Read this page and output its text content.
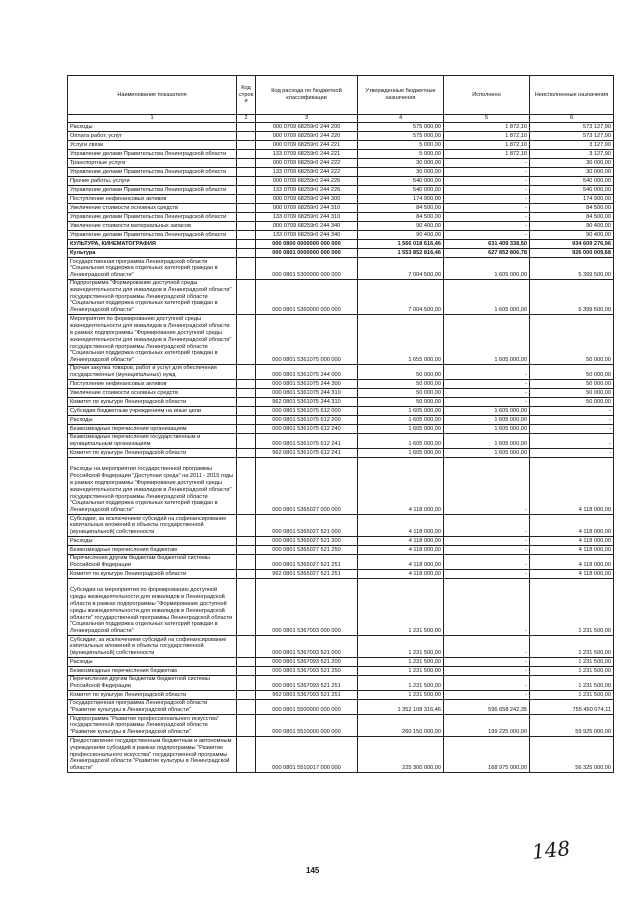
Наименование показателя	Код строк и	Код расхода по бюджетной классификации	Утвержденные бюджетные назначения	Исполнено	Неисполненные назначения
1	2	3	4	5	6
Расходы		000 0709 68259г0 244 200	575 000,00	1 872,10	573 127,90
Оплата работ, услуг		000 0709 68259г0 244 220	575 000,00	1 872,10	573 127,90
Услуги связи		000 0709 68259г0 244 221	5 000,00	1 872,10	3 127,90
Управление делами Правительства Ленинградской области		133 0709 68259г0 244 221	5 000,00	1 872,10	3 127,90
Транспортные услуги		000 0709 68259г0 244 222	30 000,00	-	30 000,00
Управление делами Правительства Ленинградской области		133 0709 68259г0 244 222	30 000,00	-	30 000,00
Прочие работы, услуги		000 0709 68259г0 244 226	540 000,00	-	540 000,00
Управление делами Правительства Ленинградской области		133 0709 68259г0 244 226	540 000,00	-	540 000,00
Поступление нефинансовых активов		000 0709 68259г0 244 300	174 900,00	-	174 900,00
Увеличение стоимости основных средств		000 0709 68259г0 244 310	84 500,00	-	84 500,00
Управление делами Правительства Ленинградской области		133 0709 68259г0 244 310	84 500,00	-	84 500,00
Увеличение стоимости материальных запасов		000 0709 68259г0 244 340	90 400,00	-	90 400,00
Управление делами Правительства Ленинградской области		133 0709 68259г0 244 340	90 400,00	-	90 400,00
КУЛЬТУРА, КИНЕМАТОГРАФИЯ		000 0800 0000000 000 000	1 566 018 616,46	631 409 338,50	934 609 276,96
Культура		000 0801 0000000 000 000	1 553 852 816,46	627 852 806,78	926 000 009,68
Государственная программа Ленинградской области "Социальная поддержка отдельных категорий граждан в Ленинградской области"		000 0801 5300000 000 000	7 004 500,00	1 605 000,00	5 399 500,00
Подпрограмма "Формирование доступной среды жизнедеятельности для инвалидов в Ленинградской области" государственной программы Ленинградской области "Социальная поддержка отдельных категорий граждан в Ленинградской области"		000 0801 5360000 000 000	7 004 500,00	1 605 000,00	5 399 500,00
Мероприятия по формированию доступной среды жизнедеятельности для инвалидов в Ленинградской области в рамках подпрограммы "Формирование доступной среды жизнедеятельности для инвалидов в Ленинградской области" государственной программы Ленинградской области "Социальная поддержка отдельных категорий граждан в Ленинградской области"		000 0801 5361075 000 000	1 655 000,00	1 605 000,00	50 000,00
Прочая закупка товаров, работ и услуг для обеспечения государственных (муниципальных) нужд		000 0801 5361075 244 000	50 000,00	-	50 000,00
Поступление нефинансовых активов		000 0801 5361075 244 300	50 000,00	-	50 000,00
Увеличение стоимости основных средств		000 0801 5361075 244 310	50 000,00	-	50 000,00
Комитет по культуре Ленинградской области		962 0801 5361075 244 310	50 000,00	-	50 000,00
Субсидии бюджетным учреждениям на иные цели		000 0801 5361075 612 000	1 605 000,00	1 605 000,00	-
Расходы		000 0801 5361075 612 200	1 605 000,00	1 605 000,00	-
Безвозмездные перечисления организациям		000 0801 5361075 612 240	1 605 000,00	1 605 000,00	-
Безвозмездные перечисления государственным и муниципальным организациям		000 0801 5361075 612 241	1 605 000,00	1 605 000,00	-
Комитет по культуре Ленинградской области		962 0801 5361075 612 241	1 605 000,00	1 605 000,00	-
Расходы на мероприятия государственной программы Российской Федерации "Доступная среда" на 2011 - 2015 годы в рамках подпрограммы "Формирование доступной среды жизнедеятельности для инвалидов в Ленинградской области" государственной программы Ленинградской области "Социальная поддержка отдельных категорий граждан в Ленинградской области"		000 0801 5365027 000 000	4 118 000,00	-	4 118 000,00
Субсидии, за исключением субсидий на софинансирование капитальных вложений в объекты государственной (муниципальной) собственности		000 0801 5365027 521 000	4 118 000,00	-	4 118 000,00
Расходы		000 0801 5365027 521 200	4 118 000,00	-	4 118 000,00
Безвозмездные перечисления бюджетам		000 0801 5365027 521 250	4 118 000,00	-	4 118 000,00
Перечисления другим бюджетам бюджетной системы Российской Федерации		000 0801 5365027 521 251	4 118 000,00	-	4 118 000,00
Комитет по культуре Ленинградской области		962 0801 5365027 521 251	4 118 000,00	-	4 118 000,00
Субсидии на мероприятия по формированию доступной среды жизнедеятельности для инвалидов в Ленинградской области в рамках подпрограммы "Формирование доступной среды жизнедеятельности для инвалидов в Ленинградской области" государственной программы Ленинградской области "Социальная поддержка отдельных категорий граждан в Ленинградской области"		000 0801 5367093 000 000	1 231 500,00	-	1 231 500,00
Субсидии, за исключением субсидий на софинансирование капитальных вложений в объекты государственной (муниципальной) собственности		000 0801 5367093 521 000	1 231 500,00	-	1 231 500,00
Расходы		000 0801 5367093 521 200	1 231 500,00	-	1 231 500,00
Безвозмездные перечисления бюджетам		000 0801 5367093 521 250	1 231 500,00	-	1 231 500,00
Перечисления другим бюджетам бюджетной системы Российской Федерации		000 0801 5367093 521 251	1 231 500,00	-	1 231 500,00
Комитет по культуре Ленинградской области		962 0801 5367093 521 251	1 231 500,00	-	1 231 500,00
Государственная программа Ленинградской области "Развитие культуры в Ленинградской области"		000 0801 5500000 000 000	1 352 108 316,46	596 658 242,35	755 450 074,11
Подпрограмма "Развитие профессионального искусства" государственной программы Ленинградской области "Развитие культуры в Ленинградской области"		000 0801 5510000 000 000	260 150 000,00	199 225 000,00	59 925 000,00
Предоставление государственным бюджетным и автономным учреждениям субсидий в рамках подпрограммы "Развитие профессионального искусства" государственной программы Ленинградской области "Развитие культуры в Ленинградской области"		000 0801 5510017 000 000	225 300 000,00	168 975 000,00	56 325 000,00
145
148
